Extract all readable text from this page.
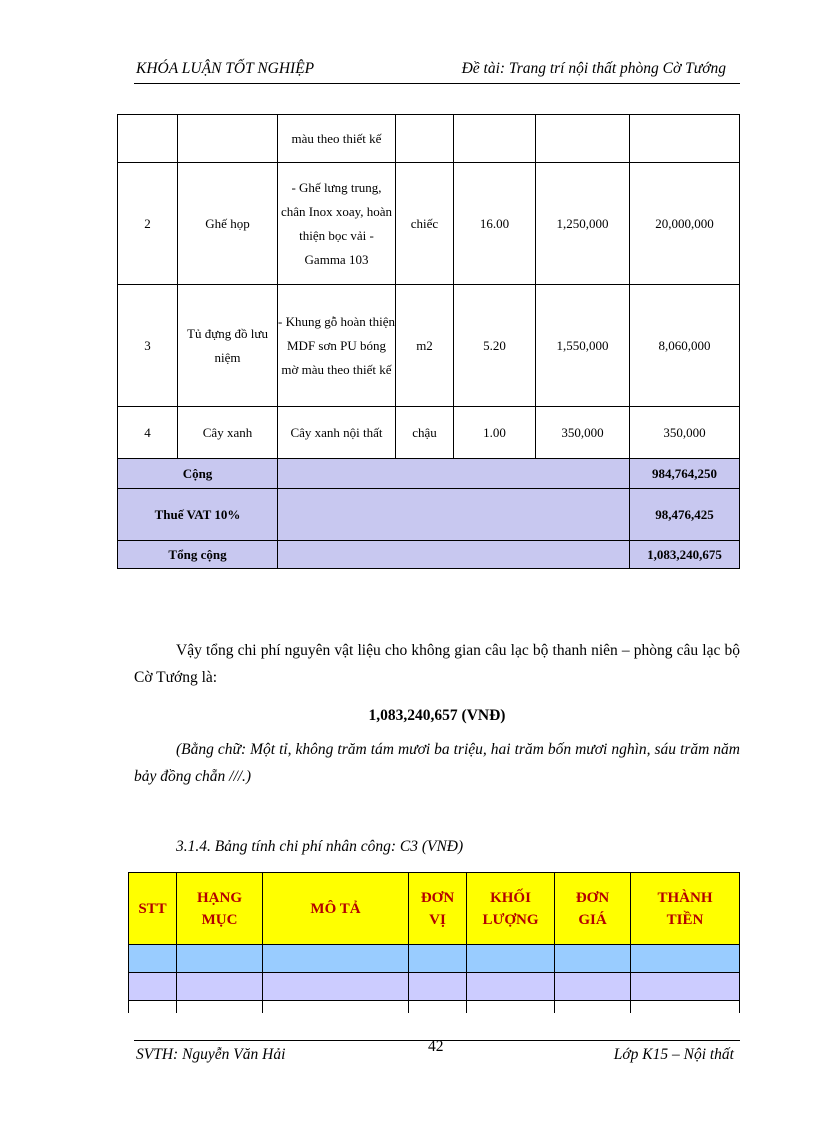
KHÓA LUẬN TỐT NGHIỆP	Đề tài: Trang trí nội thất phòng Cờ Tướng
		màu theo thiết kế				
2	Ghế họp	- Ghế lưng trung, chân Inox xoay, hoàn thiện bọc vải - Gamma 103	chiếc	16.00	1,250,000	20,000,000
3	Tủ đựng đồ lưu niệm	- Khung gỗ hoàn thiện MDF sơn PU bóng mờ màu theo thiết kế	m2	5.20	1,550,000	8,060,000
4	Cây xanh	Cây xanh nội thất	chậu	1.00	350,000	350,000
Cộng						984,764,250
Thuế VAT 10%						98,476,425
Tổng cộng						1,083,240,675

Vậy tổng chi phí nguyên vật liệu cho không gian câu lạc bộ thanh niên – phòng câu lạc bộ Cờ Tướng là:

1,083,240,657 (VNĐ)

(Bằng chữ: Một tỉ, không trăm tám mươi ba triệu, hai trăm bốn mươi nghìn, sáu trăm năm bảy đồng chẵn ///.)

3.1.4. Bảng tính chi phí nhân công: C3 (VNĐ)

STT	HẠNG MỤC	MÔ TẢ	ĐƠN VỊ	KHỐI LƯỢNG	ĐƠN GIÁ	THÀNH TIỀN

SVTH: Nguyễn Văn Hải	42	Lớp K15 – Nội thất
